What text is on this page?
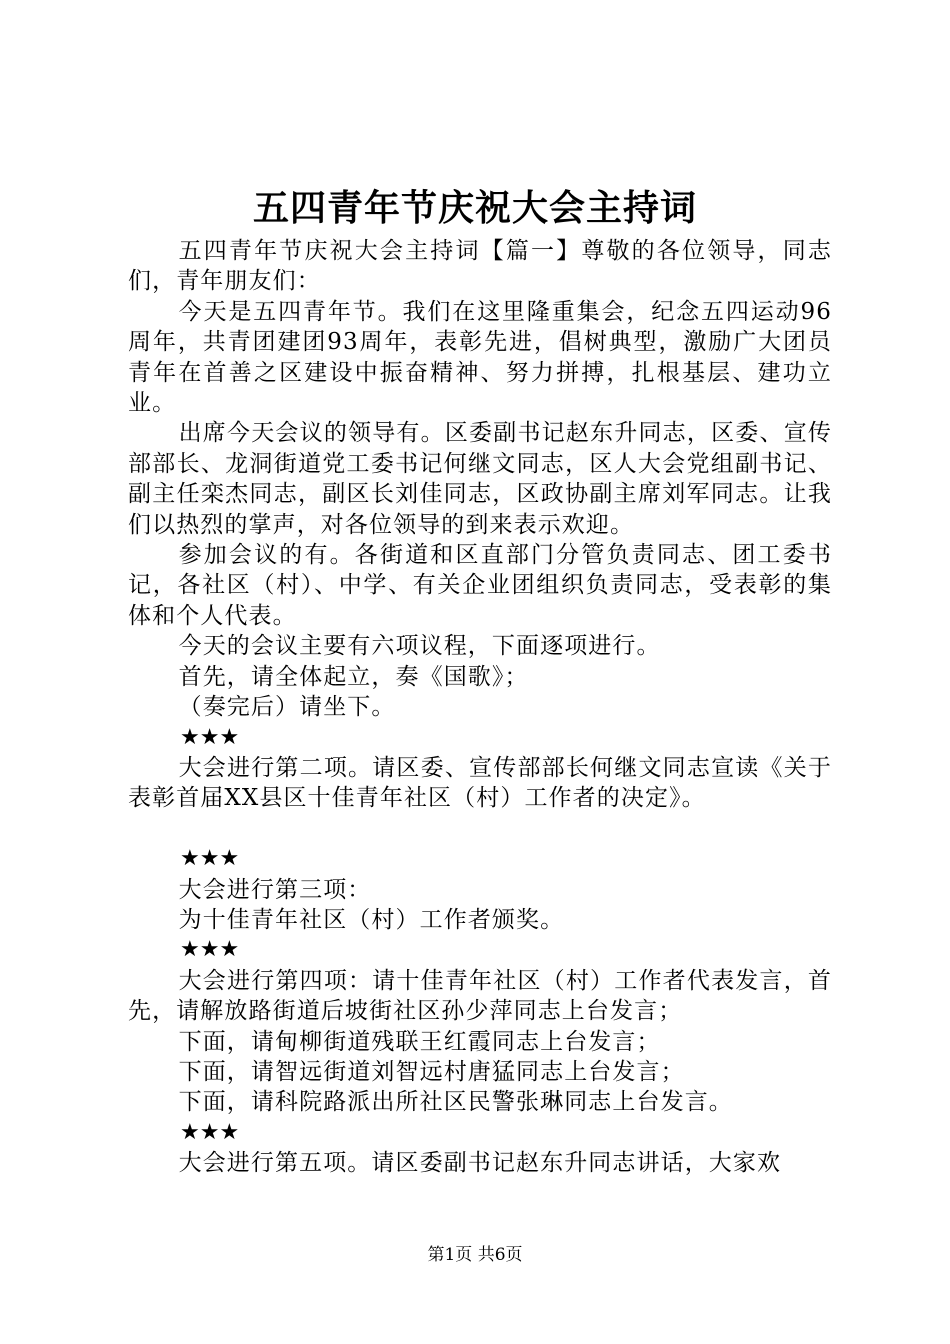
五四青年节庆祝大会主持词

五四青年节庆祝大会主持词【篇一】尊敬的各位领导，同志们，青年朋友们：

今天是五四青年节。我们在这里隆重集会，纪念五四运动96周年，共青团建团93周年，表彰先进，倡树典型，激励广大团员青年在首善之区建设中振奋精神、努力拼搏，扎根基层、建功立业。

出席今天会议的领导有。区委副书记赵东升同志，区委、宣传部部长、龙洞街道党工委书记何继文同志，区人大会党组副书记、副主任栾杰同志，副区长刘佳同志，区政协副主席刘军同志。让我们以热烈的掌声，对各位领导的到来表示欢迎。

参加会议的有。各街道和区直部门分管负责同志、团工委书记，各社区（村）、中学、有关企业团组织负责同志，受表彰的集体和个人代表。

今天的会议主要有六项议程，下面逐项进行。

首先，请全体起立，奏《国歌》；

（奏完后）请坐下。

★★★

大会进行第二项。请区委、宣传部部长何继文同志宣读《关于表彰首届XX县区十佳青年社区（村）工作者的决定》。

★★★

大会进行第三项：

为十佳青年社区（村）工作者颁奖。

★★★

大会进行第四项：请十佳青年社区（村）工作者代表发言，首先，请解放路街道后坡街社区孙少萍同志上台发言；

下面，请甸柳街道残联王红霞同志上台发言；

下面，请智远街道刘智远村唐猛同志上台发言；

下面，请科院路派出所社区民警张琳同志上台发言。

★★★

大会进行第五项。请区委副书记赵东升同志讲话，大家欢

第1页 共6页
